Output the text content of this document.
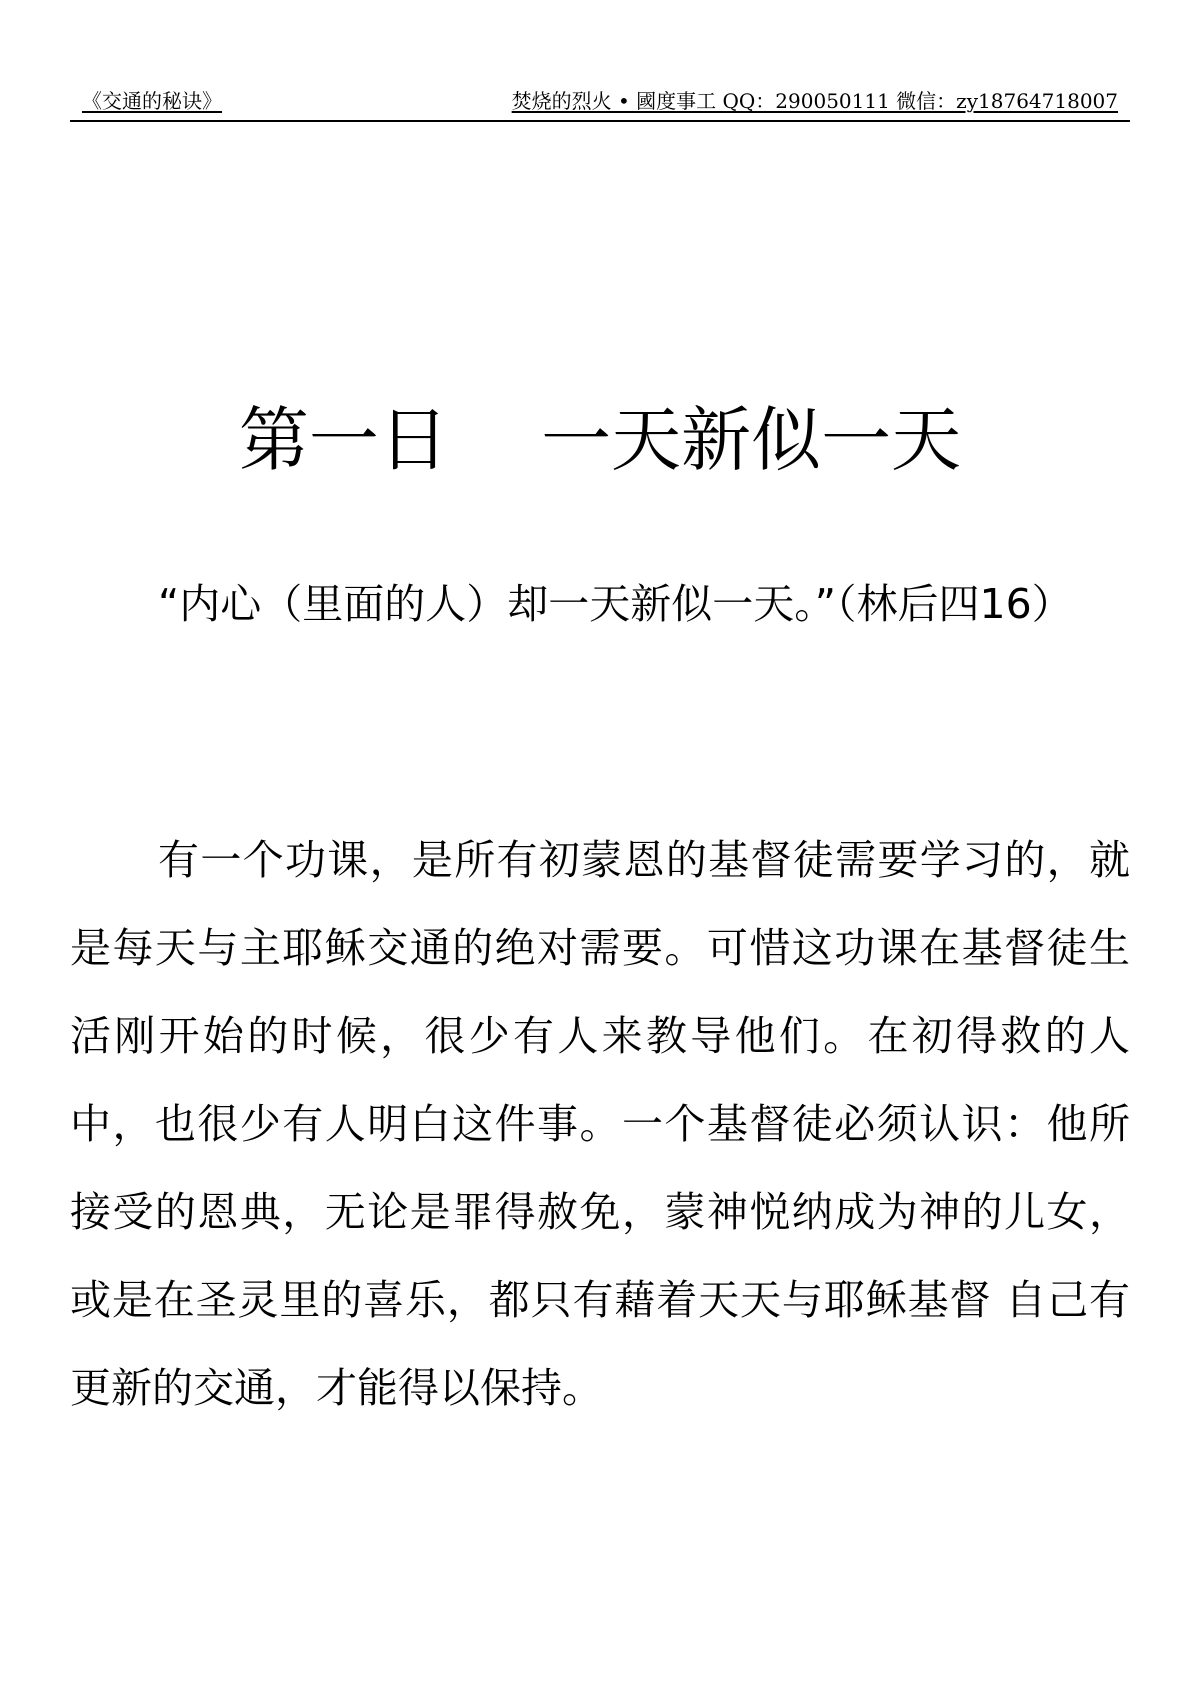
《交通的秘诀》	焚烧的烈火 • 國度事工 QQ：290050111 微信：zy18764718007
第一日　 一天新似一天

“内心（里面的人）却一天新似一天。”（林后四16）

有一个功课，是所有初蒙恩的基督徒需要学习的，就是每天与主耶稣交通的绝对需要。可惜这功课在基督徒生活刚开始的时候，很少有人来教导他们。在初得救的人 中，也很少有人明白这件事。一个基督徒必须认识：他所接受的恩典，无论是罪得赦免，蒙神悦纳成为神的儿女，或是在圣灵里的喜乐，都只有藉着天天与耶稣基督 自己有更新的交通，才能得以保持。
